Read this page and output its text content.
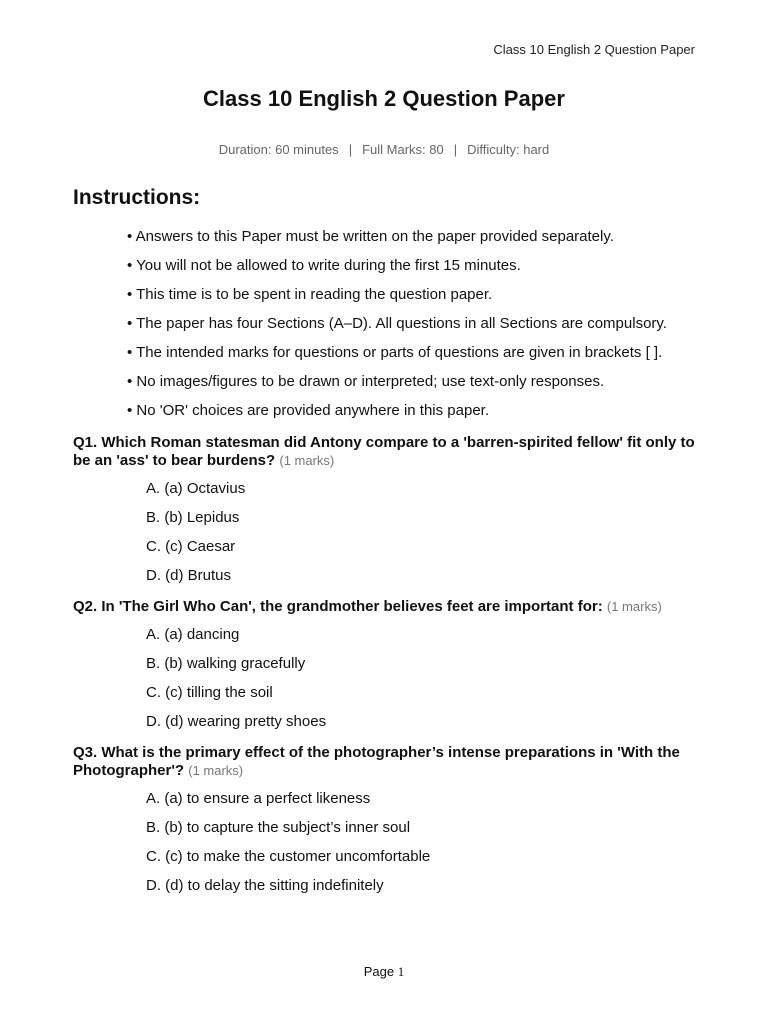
Class 10 English 2 Question Paper
Class 10 English 2 Question Paper
Duration: 60 minutes | Full Marks: 80 | Difficulty: hard
Instructions:
• Answers to this Paper must be written on the paper provided separately.
• You will not be allowed to write during the first 15 minutes.
• This time is to be spent in reading the question paper.
• The paper has four Sections (A–D). All questions in all Sections are compulsory.
• The intended marks for questions or parts of questions are given in brackets [ ].
• No images/figures to be drawn or interpreted; use text-only responses.
• No 'OR' choices are provided anywhere in this paper.
Q1. Which Roman statesman did Antony compare to a 'barren-spirited fellow' fit only to be an 'ass' to bear burdens? (1 marks)
A. (a) Octavius
B. (b) Lepidus
C. (c) Caesar
D. (d) Brutus
Q2. In 'The Girl Who Can', the grandmother believes feet are important for: (1 marks)
A. (a) dancing
B. (b) walking gracefully
C. (c) tilling the soil
D. (d) wearing pretty shoes
Q3. What is the primary effect of the photographer’s intense preparations in 'With the Photographer'? (1 marks)
A. (a) to ensure a perfect likeness
B. (b) to capture the subject’s inner soul
C. (c) to make the customer uncomfortable
D. (d) to delay the sitting indefinitely
Page 1
